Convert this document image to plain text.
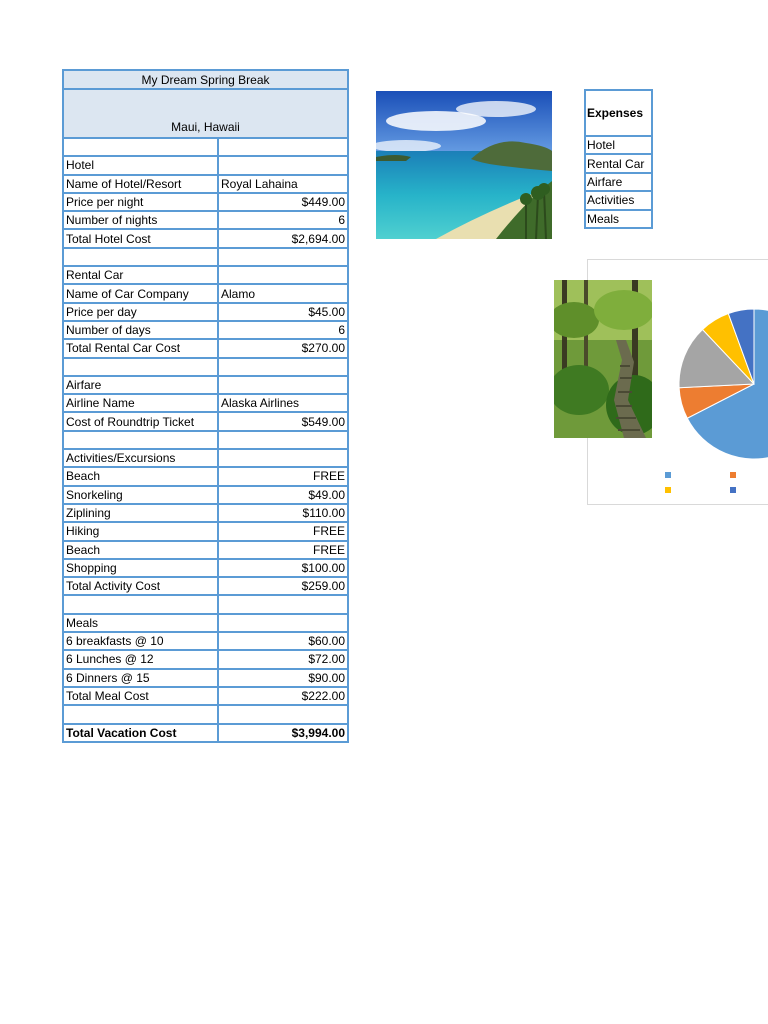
My Dream Spring Break	
Maui, Hawaii	

Hotel	
Name of Hotel/Resort	Royal Lahaina
Price per night	$449.00
Number of nights	6
Total Hotel Cost	$2,694.00

Rental Car	
Name of Car Company	Alamo
Price per day	$45.00
Number of days	6
Total Rental Car Cost	$270.00

Airfare	
Airline Name	Alaska Airlines
Cost of Roundtrip Ticket	$549.00

Activities/Excursions	
Beach	FREE
Snorkeling	$49.00
Ziplining	$110.00
Hiking	FREE
Beach	FREE
Shopping	$100.00
Total Activity Cost	$259.00

Meals	
6 breakfasts @ 10	$60.00
6 Lunches @ 12	$72.00
6 Dinners @ 15	$90.00
Total Meal Cost	$222.00

Total Vacation Cost	$3,994.00
Expenses
Hotel
Rental Car
Airfare
Activities
Meals
